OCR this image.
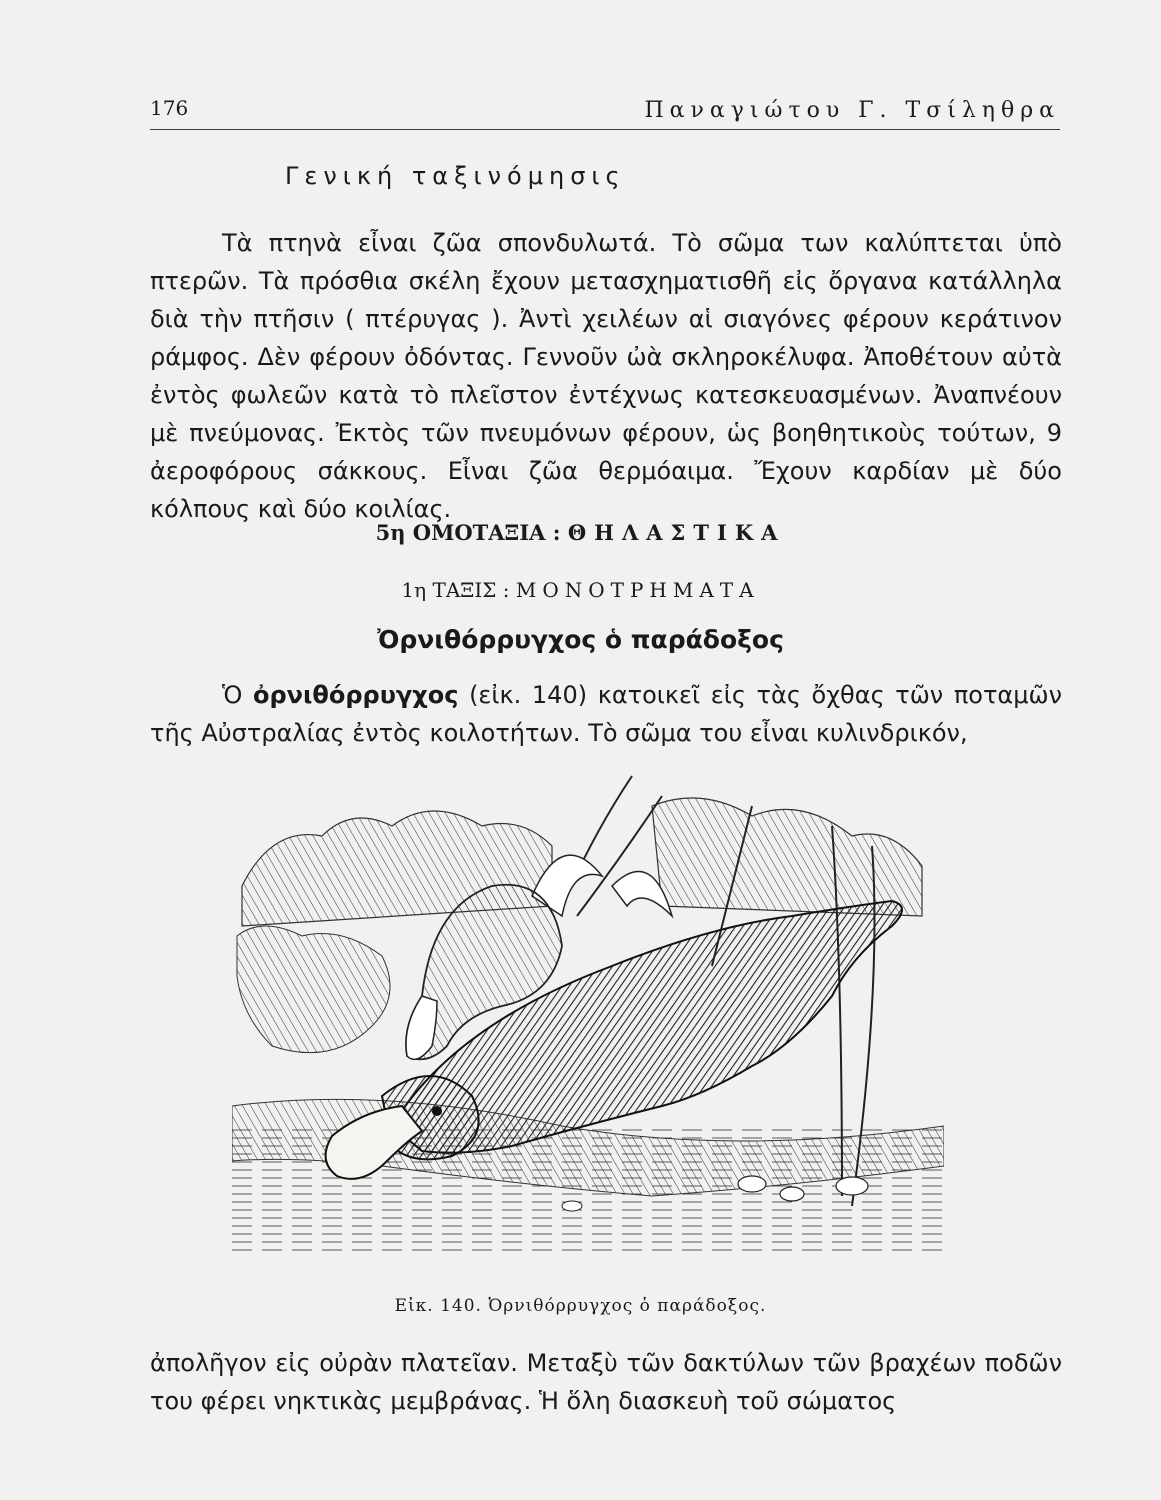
176	Παναγιώτου Γ. Τσίληθρα
Γενική ταξινόμησις

Τὰ πτηνὰ εἶναι ζῶα σπονδυλωτά. Τὸ σῶμα των καλύπτεται ὑπὸ πτερῶν. Τὰ πρόσθια σκέλη ἔχουν μετασχηματισθῆ εἰς ὄργανα κατάλληλα διὰ τὴν πτῆσιν ( πτέρυγας ). Ἀντὶ χειλέων αἱ σιαγόνες φέρουν κεράτινον ράμφος. Δὲν φέρουν ὀδόντας. Γεννοῦν ὠὰ σκληροκέλυφα. Ἀποθέτουν αὐτὰ ἐντὸς φωλεῶν κατὰ τὸ πλεῖστον ἐντέχνως κατεσκευασμένων. Ἀναπνέουν μὲ πνεύμονας. Ἐκτὸς τῶν πνευμόνων φέρουν, ὡς βοηθητικοὺς τούτων, 9 ἀεροφόρους σάκκους. Εἶναι ζῶα θερμόαιμα. Ἔχουν καρδίαν μὲ δύο κόλπους καὶ δύο κοιλίας.

5η ΟΜΟΤΑΞΙΑ : ΘΗΛΑΣΤΙΚΑ
1η ΤΑΞΙΣ : ΜΟΝΟΤΡΗΜΑΤΑ
Ὀρνιθόρρυγχος ὁ παράδοξος

Ὁ ὀρνιθόρρυγχος (εἰκ. 140) κατοικεῖ εἰς τὰς ὄχθας τῶν ποταμῶν τῆς Αὐστραλίας ἐντὸς κοιλοτήτων. Τὸ σῶμα του εἶναι κυλινδρικόν,

Εἰκ. 140. Ὀρνιθόρρυγχος ὁ παράδοξος.

ἀπολῆγον εἰς οὐρὰν πλατεῖαν. Μεταξὺ τῶν δακτύλων τῶν βραχέων ποδῶν του φέρει νηκτικὰς μεμβράνας. Ἡ ὅλη διασκευὴ τοῦ σώματος
